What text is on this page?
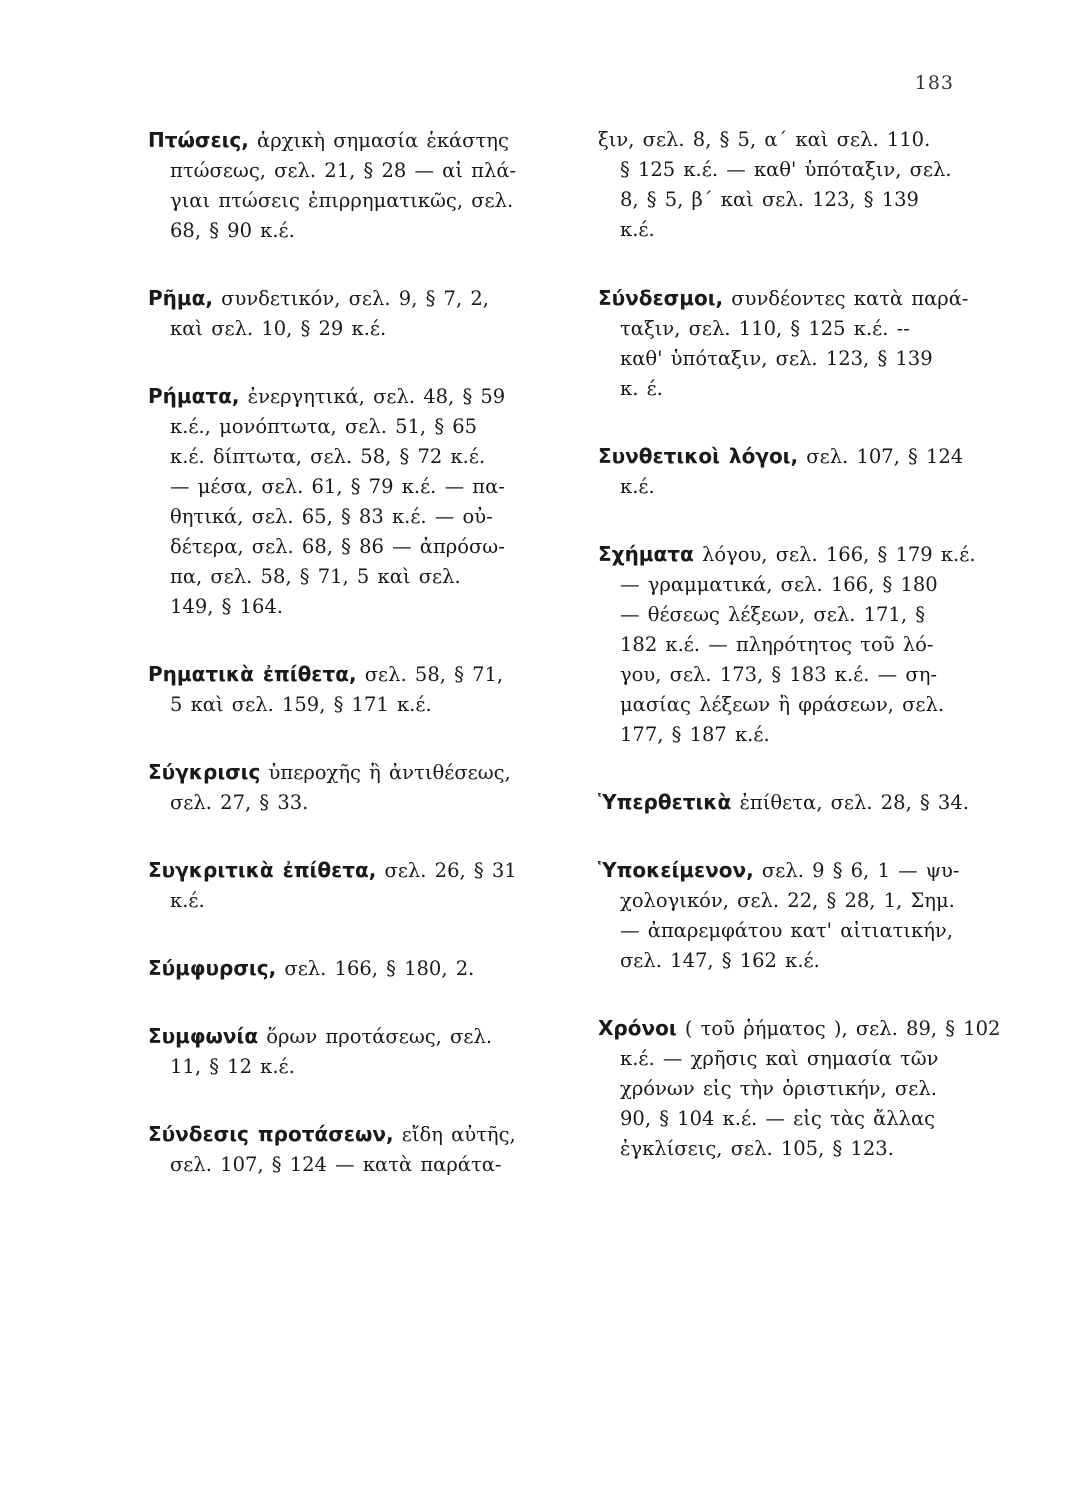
183
Πτώσεις, ἀρχικὴ σημασία ἑκάστης
πτώσεως, σελ. 21, § 28 — αἱ πλά-
γιαι πτώσεις ἐπιρρηματικῶς, σελ.
68, § 90 κ.έ.
Ρῆμα, συνδετικόν, σελ. 9, § 7, 2,
καὶ σελ. 10, § 29 κ.έ.
Ρήματα, ἐνεργητικά, σελ. 48, § 59
κ.έ., μονόπτωτα, σελ. 51, § 65
κ.έ. δίπτωτα, σελ. 58, § 72 κ.έ.
— μέσα, σελ. 61, § 79 κ.έ. — πα-
θητικά, σελ. 65, § 83 κ.έ. — οὐ-
δέτερα, σελ. 68, § 86 — ἀπρόσω-
πα, σελ. 58, § 71, 5 καὶ σελ.
149, § 164.
Ρηματικὰ ἐπίθετα, σελ. 58, § 71,
5 καὶ σελ. 159, § 171 κ.έ.
Σύγκρισις ὑπεροχῆς ἢ ἀντιθέσεως,
σελ. 27, § 33.
Συγκριτικὰ ἐπίθετα, σελ. 26, § 31
κ.έ.
Σύμφυρσις, σελ. 166, § 180, 2.
Συμφωνία ὅρων προτάσεως, σελ.
11, § 12 κ.έ.
Σύνδεσις προτάσεων, εἴδη αὐτῆς,
σελ. 107, § 124 — κατὰ παράτα-
ξιν, σελ. 8, § 5, α΄ καὶ σελ. 110.
§ 125 κ.έ. — καθ' ὑπόταξιν, σελ.
8, § 5, β΄ καὶ σελ. 123, § 139
κ.έ.
Σύνδεσμοι, συνδέοντες κατὰ παρά-
ταξιν, σελ. 110, § 125 κ.έ. --
καθ' ὑπόταξιν, σελ. 123, § 139
κ. έ.
Συνθετικοὶ λόγοι, σελ. 107, § 124
κ.έ.
Σχήματα λόγου, σελ. 166, § 179 κ.έ.
— γραμματικά, σελ. 166, § 180
— θέσεως λέξεων, σελ. 171, §
182 κ.έ. — πληρότητος τοῦ λό-
γου, σελ. 173, § 183 κ.έ. — ση-
μασίας λέξεων ἢ φράσεων, σελ.
177, § 187 κ.έ.
Ὑπερθετικὰ ἐπίθετα, σελ. 28, § 34.
Ὑποκείμενον, σελ. 9 § 6, 1 — ψυ-
χολογικόν, σελ. 22, § 28, 1, Σημ.
— ἀπαρεμφάτου κατ' αἰτιατικήν,
σελ. 147, § 162 κ.έ.
Χρόνοι ( τοῦ ῥήματος ), σελ. 89, § 102
κ.έ. — χρῆσις καὶ σημασία τῶν
χρόνων εἰς τὴν ὁριστικήν, σελ.
90, § 104 κ.έ. — εἰς τὰς ἄλλας
ἐγκλίσεις, σελ. 105, § 123.
